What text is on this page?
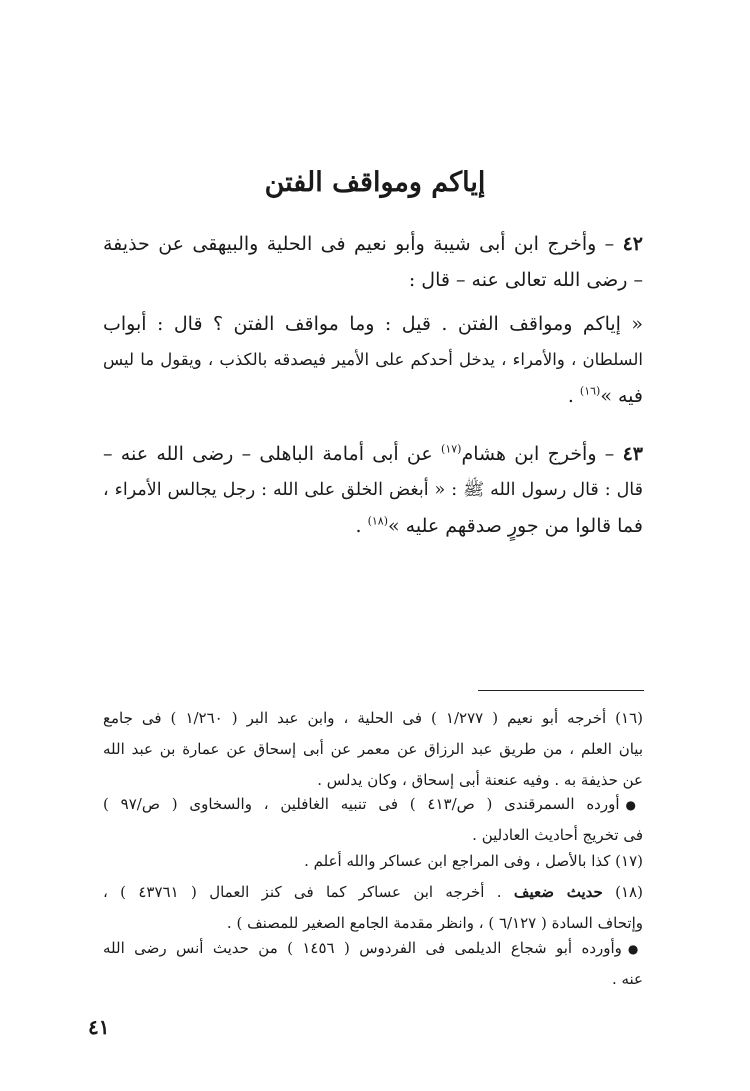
إياكم ومواقف الفتن
٤٢ – وأخرج ابن أبى شيبة وأبو نعيم فى الحلية والبيهقى عن حذيفة
– رضى الله تعالى عنه – قال :
« إياكم ومواقف الفتن . قيل : وما مواقف الفتن ؟ قال : أبواب
السلطان ، والأمراء ، يدخل أحدكم على الأمير فيصدقه بالكذب ، ويقول ما ليس
فيه »$^{(١٦)}$ .
٤٣ – وأخرج ابن هشام$^{(١٧)}$ عن أبى أمامة الباهلى – رضى الله عنه –
قال : قال رسول الله ﷺ : « أبغض الخلق على الله : رجل يجالس الأمراء ،
فما قالوا من جورٍ صدقهم عليه »$^{(١٨)}$ .
(١٦) أخرجه أبو نعيم ( ١/٢٧٧ ) فى الحلية ، وابن عبد البر ( ١/٢٦٠ ) فى جامع
بيان العلم ، من طريق عبد الرزاق عن معمر عن أبى إسحاق عن عمارة بن عبد الله
عن حذيفة به . وفيه عنعنة أبى إسحاق ، وكان يدلس .
●أورده السمرقندى ( ص/٤١٣ ) فى تنبيه الغافلين ، والسخاوى ( ص/٩٧ )
فى تخريج أحاديث العادلين .
(١٧) كذا بالأصل ، وفى المراجع ابن عساكر والله أعلم .
(١٨) حديث ضعيف . أخرجه ابن عساكر كما فى كنز العمال ( ٤٣٧٦١ ) ،
وإتحاف السادة ( ٦/١٢٧ ) ، وانظر مقدمة الجامع الصغير للمصنف ) .
●وأورده أبو شجاع الديلمى فى الفردوس ( ١٤٥٦ ) من حديث أنس رضى الله
عنه .
٤١
